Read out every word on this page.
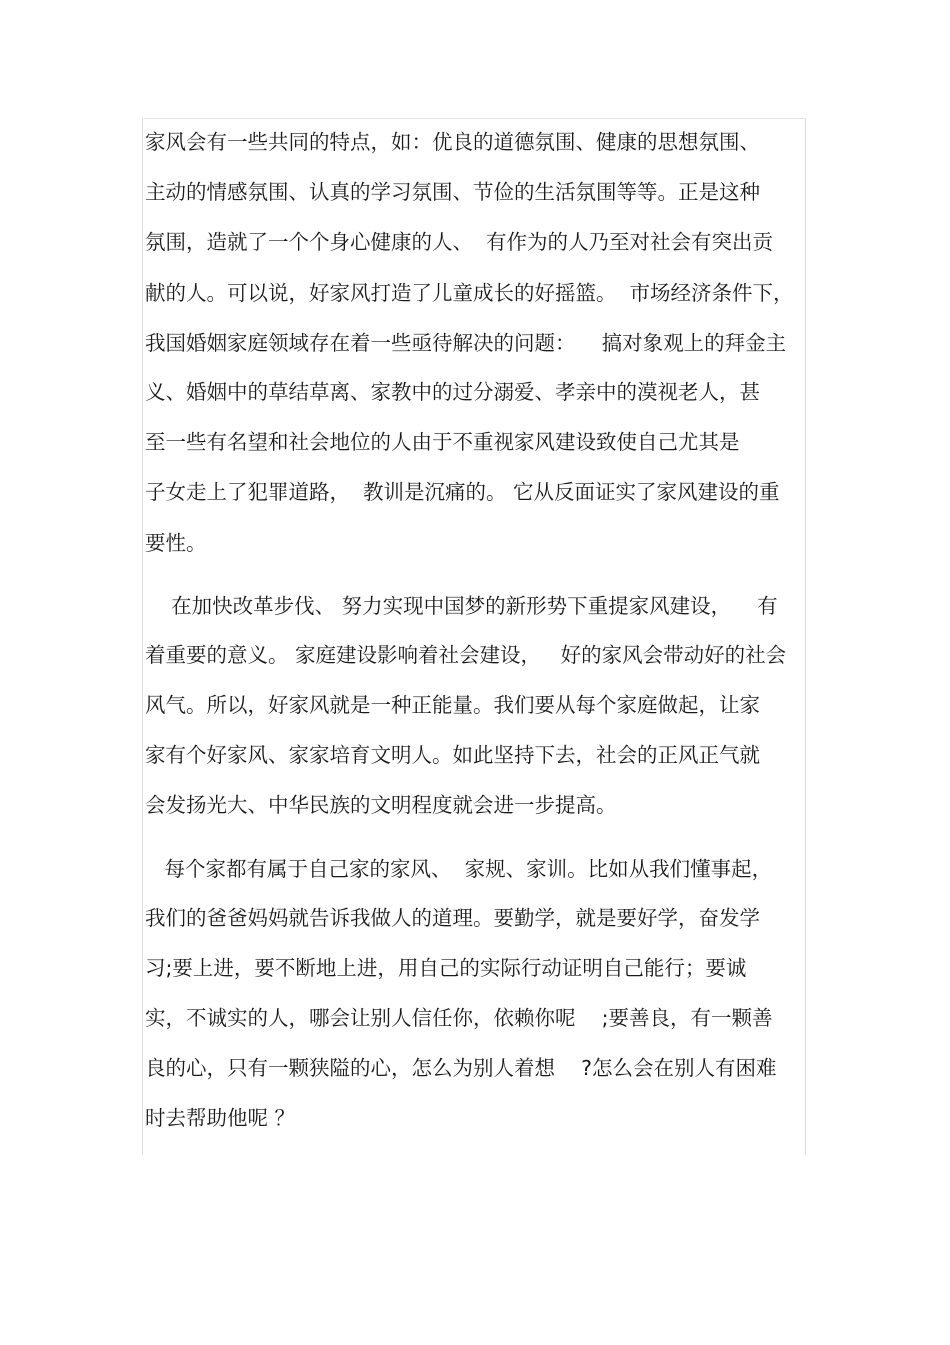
家风会有一些共同的特点，如：优良的道德氛围、健康的思想氛围、
主动的情感氛围、认真的学习氛围、节俭的生活氛围等等。正是这种
氛围，造就了一个个身心健康的人、  有作为的人乃至对社会有突出贡
献的人。可以说，好家风打造了儿童成长的好摇篮。  市场经济条件下，
我国婚姻家庭领域存在着一些亟待解决的问题：    搞对象观上的拜金主
义、婚姻中的草结草离、家教中的过分溺爱、孝亲中的漠视老人，甚
至一些有名望和社会地位的人由于不重视家风建设致使自己尤其是
子女走上了犯罪道路，  教训是沉痛的。 它从反面证实了家风建设的重
要性。
在加快改革步伐、 努力实现中国梦的新形势下重提家风建设，    有
着重要的意义。 家庭建设影响着社会建设，   好的家风会带动好的社会
风气。所以，好家风就是一种正能量。我们要从每个家庭做起，让家
家有个好家风、家家培育文明人。如此坚持下去，社会的正风正气就
会发扬光大、中华民族的文明程度就会进一步提高。
每个家都有属于自己家的家风、  家规、家训。比如从我们懂事起，
我们的爸爸妈妈就告诉我做人的道理。要勤学，就是要好学，奋发学
习;要上进，要不断地上进，用自己的实际行动证明自己能行；要诚
实，不诚实的人，哪会让别人信任你，依赖你呢    ;要善良，有一颗善
良的心，只有一颗狭隘的心，怎么为别人着想    ?怎么会在别人有困难
时去帮助他呢 ？
